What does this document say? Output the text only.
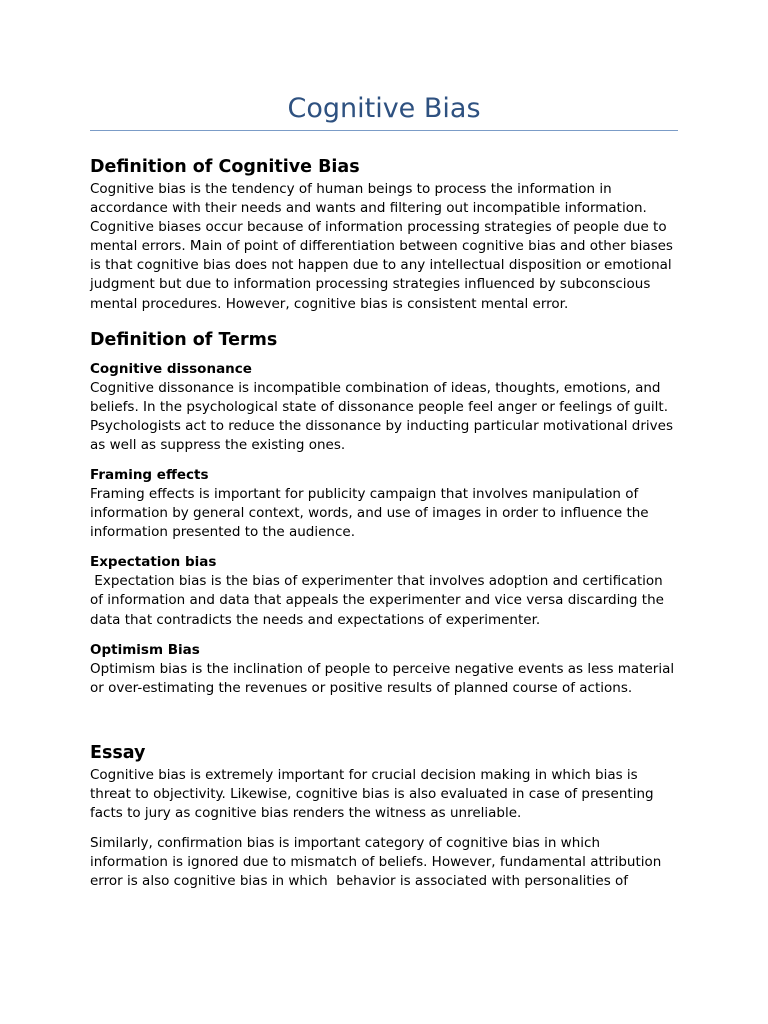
Cognitive Bias
Definition of Cognitive Bias

Cognitive bias is the tendency of human beings to process the information in accordance with their needs and wants and filtering out incompatible information. Cognitive biases occur because of information processing strategies of people due to mental errors. Main of point of differentiation between cognitive bias and other biases is that cognitive bias does not happen due to any intellectual disposition or emotional judgment but due to information processing strategies influenced by subconscious mental procedures. However, cognitive bias is consistent mental error.

Definition of Terms
Cognitive dissonance

Cognitive dissonance is incompatible combination of ideas, thoughts, emotions, and beliefs. In the psychological state of dissonance people feel anger or feelings of guilt. Psychologists act to reduce the dissonance by inducting particular motivational drives as well as suppress the existing ones.

Framing effects

Framing effects is important for publicity campaign that involves manipulation of information by general context, words, and use of images in order to influence the information presented to the audience.

Expectation bias

Expectation bias is the bias of experimenter that involves adoption and certification of information and data that appeals the experimenter and vice versa discarding the data that contradicts the needs and expectations of experimenter.

Optimism Bias

Optimism bias is the inclination of people to perceive negative events as less material or over-estimating the revenues or positive results of planned course of actions.

Essay

Cognitive bias is extremely important for crucial decision making in which bias is threat to objectivity. Likewise, cognitive bias is also evaluated in case of presenting facts to jury as cognitive bias renders the witness as unreliable.

Similarly, confirmation bias is important category of cognitive bias in which information is ignored due to mismatch of beliefs. However, fundamental attribution error is also cognitive bias in which  behavior is associated with personalities of
